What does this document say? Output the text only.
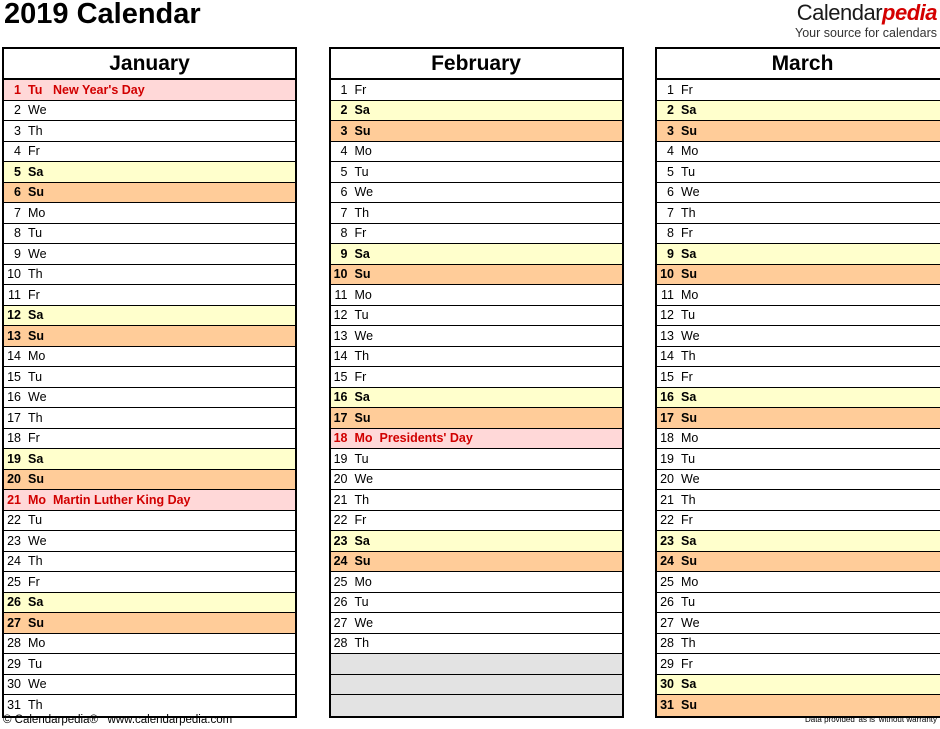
2019 Calendar	Calendarpedia
Your source for calendars
January
1 Tu New Year's Day
2 We
3 Th
4 Fr
5 Sa
6 Su
7 Mo
8 Tu
9 We
10 Th
11 Fr
12 Sa
13 Su
14 Mo
15 Tu
16 We
17 Th
18 Fr
19 Sa
20 Su
21 Mo Martin Luther King Day
22 Tu
23 We
24 Th
25 Fr
26 Sa
27 Su
28 Mo
29 Tu
30 We
31 Th
February
1 Fr
2 Sa
3 Su
4 Mo
5 Tu
6 We
7 Th
8 Fr
9 Sa
10 Su
11 Mo
12 Tu
13 We
14 Th
15 Fr
16 Sa
17 Su
18 Mo Presidents' Day
19 Tu
20 We
21 Th
22 Fr
23 Sa
24 Su
25 Mo
26 Tu
27 We
28 Th
March
1 Fr
2 Sa
3 Su
4 Mo
5 Tu
6 We
7 Th
8 Fr
9 Sa
10 Su
11 Mo
12 Tu
13 We
14 Th
15 Fr
16 Sa
17 Su
18 Mo
19 Tu
20 We
21 Th
22 Fr
23 Sa
24 Su
25 Mo
26 Tu
27 We
28 Th
29 Fr
30 Sa
31 Su
© Calendarpedia®   www.calendarpedia.com	Data provided 'as is' without warranty
